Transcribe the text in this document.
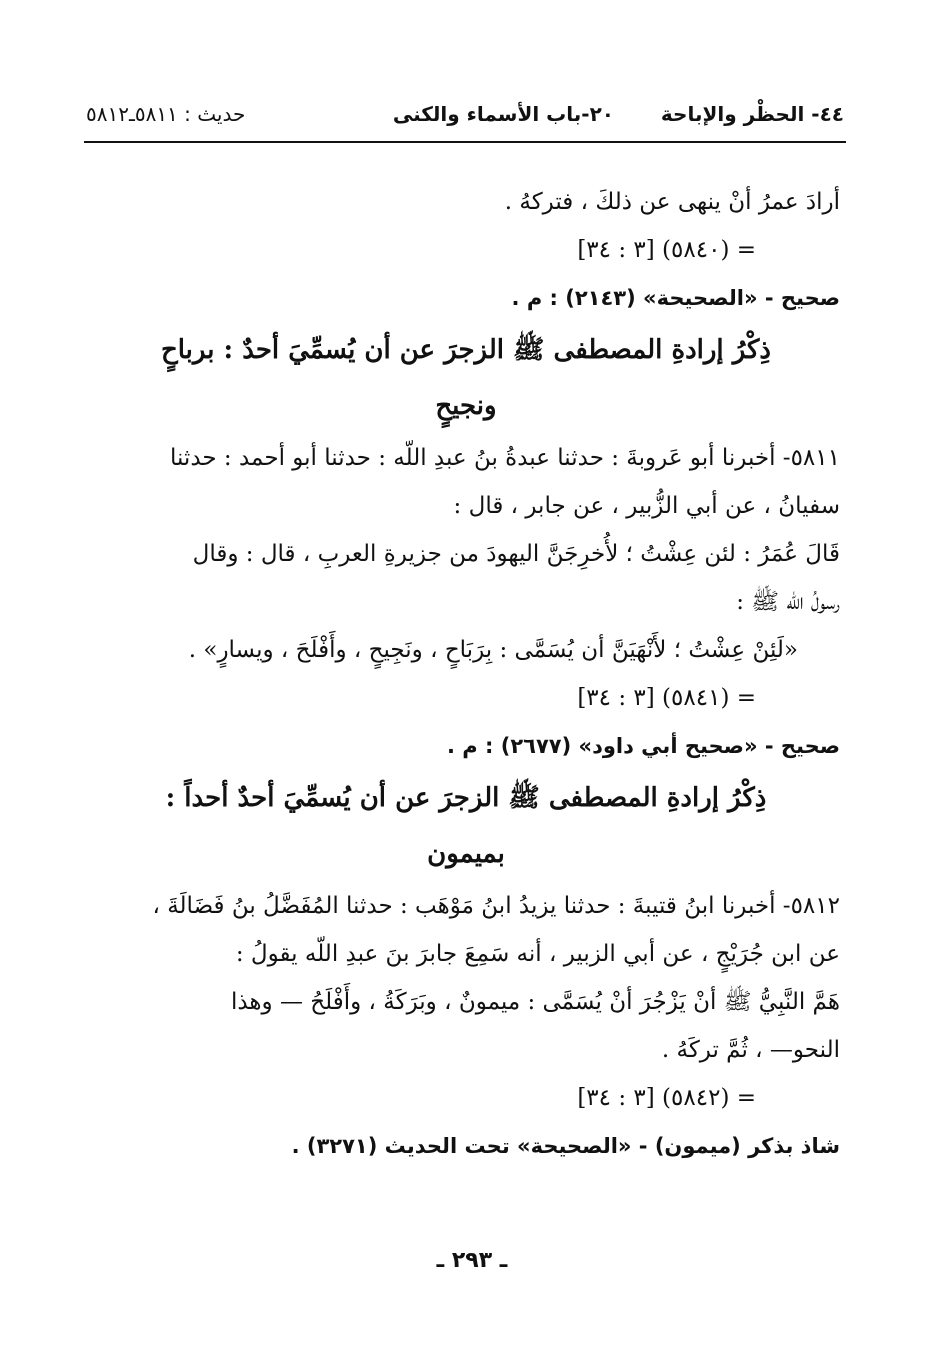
٤٤- الحظْر والإباحة
٢٠-باب الأسماء والكنى
حديث : ٥٨١١ـ٥٨١٢
أرادَ عمرُ أنْ ينهى عن ذلكَ ، فتركهُ .
= (٥٨٤٠) [٣ : ٣٤]
صحيح - «الصحيحة» (٢١٤٣) : م .
ذِكْرُ إرادةِ المصطفى ﷺ الزجرَ عن أن يُسمِّيَ أحدٌ : برباحٍ
ونجيحٍ
٥٨١١- أخبرنا أبو عَروبةَ : حدثنا عبدةُ بنُ عبدِ اللّه : حدثنا أبو أحمد : حدثنا
سفيانُ ، عن أبي الزُّبير ، عن جابر ، قال :
قَالَ عُمَرُ : لئن عِشْتُ ؛ لأُخرِجَنَّ اليهودَ من جزيرةِ العربِ ، قال : وقال
رسولُ اللّه ﷺ :
«لَئِنْ عِشْتُ ؛ لأَنْهَيَنَّ أن يُسَمَّى : بِرَبَاحٍ ، ونَجِيحٍ ، وأَفْلَحَ ، ويسارٍ» .
= (٥٨٤١) [٣ : ٣٤]
صحيح - «صحيح أبي داود» (٢٦٧٧) : م .
ذِكْرُ إرادةِ المصطفى ﷺ الزجرَ عن أن يُسمِّيَ أحدٌ أحداً :
بميمون
٥٨١٢- أخبرنا ابنُ قتيبةَ : حدثنا يزيدُ ابنُ مَوْهَب : حدثنا المُفَضَّلُ بنُ فَضَالَةَ ،
عن ابن جُرَيْجٍ ، عن أبي الزبير ، أنه سَمِعَ جابرَ بنَ عبدِ اللّه يقولُ :
هَمَّ النَّبِيُّ ﷺ أنْ يَزْجُرَ أنْ يُسَمَّى : ميمونٌ ، وبَرَكَةُ ، وأَفْلَحُ — وهذا
النحو— ، ثُمَّ تركَهُ .
= (٥٨٤٢) [٣ : ٣٤]
شاذ بذكر (ميمون) - «الصحيحة» تحت الحديث (٣٢٧١) .
ـ ٢٩٣ ـ
